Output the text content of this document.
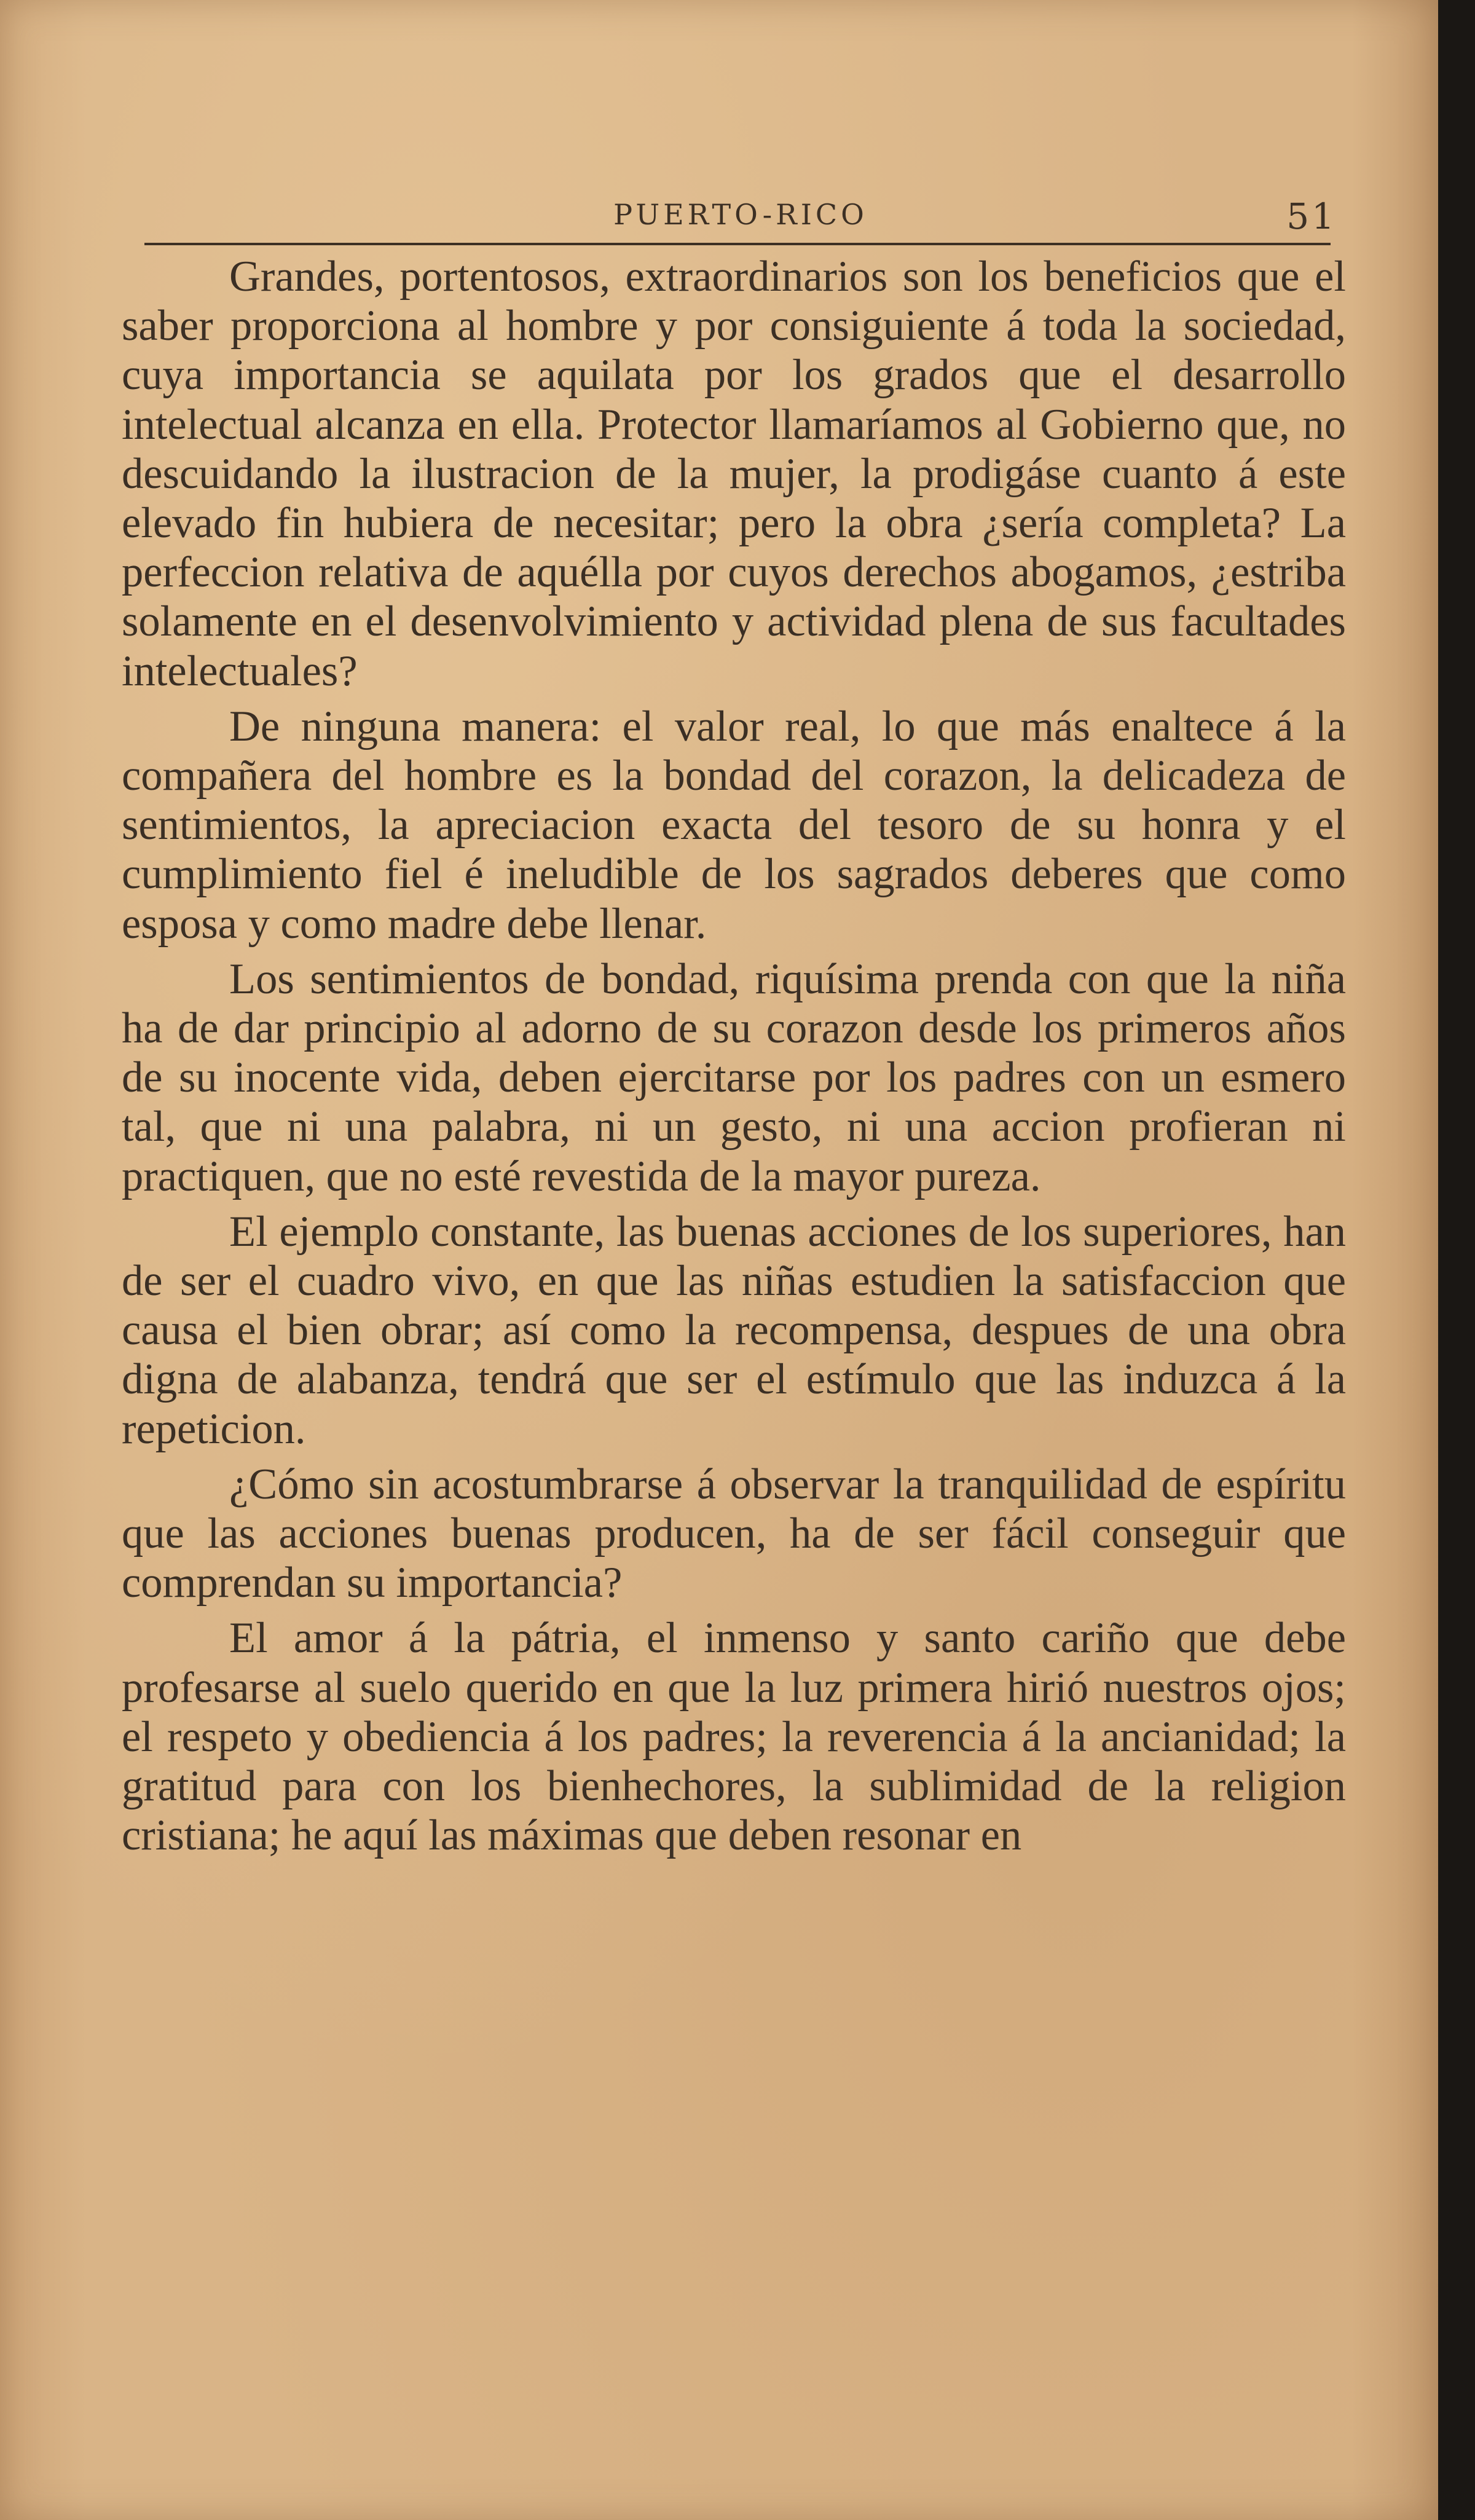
PUERTO-RICO	51

Grandes, portentosos, extraordinarios son los beneficios que el saber proporciona al hombre y por consiguiente á toda la sociedad, cuya importancia se aquilata por los grados que el desarrollo intelectual alcanza en ella. Protector llamaríamos al Gobierno que, no descuidando la ilustracion de la mujer, la prodigáse cuanto á este elevado fin hubiera de necesitar; pero la obra ¿sería completa? La perfeccion relativa de aquélla por cuyos derechos abogamos, ¿estriba solamente en el desenvolvimiento y actividad plena de sus facultades intelectuales?

De ninguna manera: el valor real, lo que más enaltece á la compañera del hombre es la bondad del corazon, la delicadeza de sentimientos, la apreciacion exacta del tesoro de su honra y el cumplimiento fiel é ineludible de los sagrados deberes que como esposa y como madre debe llenar.

Los sentimientos de bondad, riquísima prenda con que la niña ha de dar principio al adorno de su corazon desde los primeros años de su inocente vida, deben ejercitarse por los padres con un esmero tal, que ni una palabra, ni un gesto, ni una accion profieran ni practiquen, que no esté revestida de la mayor pureza.

El ejemplo constante, las buenas acciones de los superiores, han de ser el cuadro vivo, en que las niñas estudien la satisfaccion que causa el bien obrar; así como la recompensa, despues de una obra digna de alabanza, tendrá que ser el estímulo que las induzca á la repeticion.

¿Cómo sin acostumbrarse á observar la tranquilidad de espíritu que las acciones buenas producen, ha de ser fácil conseguir que comprendan su importancia?

El amor á la pátria, el inmenso y santo cariño que debe profesarse al suelo querido en que la luz primera hirió nuestros ojos; el respeto y obediencia á los padres; la reverencia á la ancianidad; la gratitud para con los bienhechores, la sublimidad de la religion cristiana; he aquí las máximas que deben resonar en
